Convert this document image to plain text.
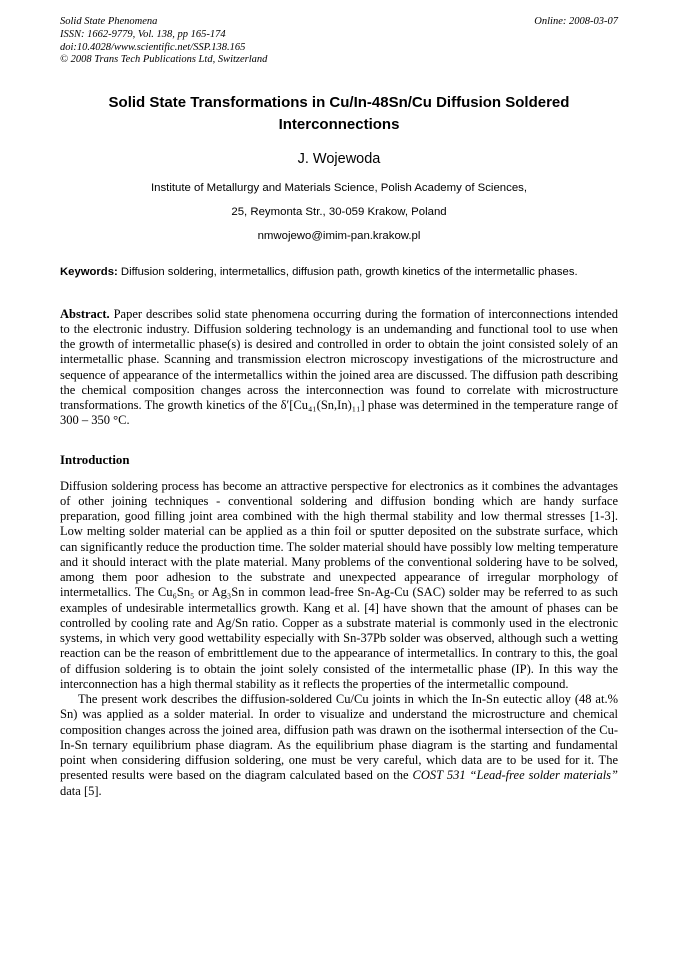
Solid State Phenomena
ISSN: 1662-9779, Vol. 138, pp 165-174
doi:10.4028/www.scientific.net/SSP.138.165
© 2008 Trans Tech Publications Ltd, Switzerland
Online: 2008-03-07
Solid State Transformations in Cu/In-48Sn/Cu Diffusion Soldered Interconnections
J. Wojewoda
Institute of Metallurgy and Materials Science, Polish Academy of Sciences,
25, Reymonta Str., 30-059 Krakow, Poland
nmwojewo@imim-pan.krakow.pl
Keywords: Diffusion soldering, intermetallics, diffusion path, growth kinetics of the intermetallic phases.
Abstract. Paper describes solid state phenomena occurring during the formation of interconnections intended to the electronic industry. Diffusion soldering technology is an undemanding and functional tool to use when the growth of intermetallic phase(s) is desired and controlled in order to obtain the joint consisted solely of an intermetallic phase. Scanning and transmission electron microscopy investigations of the microstructure and sequence of appearance of the intermetallics within the joined area are discussed. The diffusion path describing the chemical composition changes across the interconnection was found to correlate with microstructure transformations. The growth kinetics of the δ′[Cu₄₁(Sn,In)₁₁] phase was determined in the temperature range of 300 – 350 °C.
Introduction

Diffusion soldering process has become an attractive perspective for electronics as it combines the advantages of other joining techniques - conventional soldering and diffusion bonding which are handy surface preparation, good filling joint area combined with the high thermal stability and low thermal stresses [1-3]. Low melting solder material can be applied as a thin foil or sputter deposited on the substrate surface, which can significantly reduce the production time. The solder material should have possibly low melting temperature and it should interact with the plate material. Many problems of the conventional soldering have to be solved, among them poor adhesion to the substrate and unexpected appearance of irregular morphology of intermetallics. The Cu₆Sn₅ or Ag₃Sn in common lead-free Sn-Ag-Cu (SAC) solder may be referred to as such examples of undesirable intermetallics growth. Kang et al. [4] have shown that the amount of phases can be controlled by cooling rate and Ag/Sn ratio. Copper as a substrate material is commonly used in the electronic systems, in which very good wettability especially with Sn-37Pb solder was observed, although such a wetting reaction can be the reason of embrittlement due to the appearance of intermetallics. In contrary to this, the goal of diffusion soldering is to obtain the joint solely consisted of the intermetallic phase (IP). In this way the interconnection has a high thermal stability as it reflects the properties of the intermetallic compound.

The present work describes the diffusion-soldered Cu/Cu joints in which the In-Sn eutectic alloy (48 at.% Sn) was applied as a solder material. In order to visualize and understand the microstructure and chemical composition changes across the joined area, diffusion path was drawn on the isothermal intersection of the Cu-In-Sn ternary equilibrium phase diagram. As the equilibrium phase diagram is the starting and fundamental point when considering diffusion soldering, one must be very careful, which data are to be used for it. The presented results were based on the diagram calculated based on the COST 531 “Lead-free solder materials” data [5].
